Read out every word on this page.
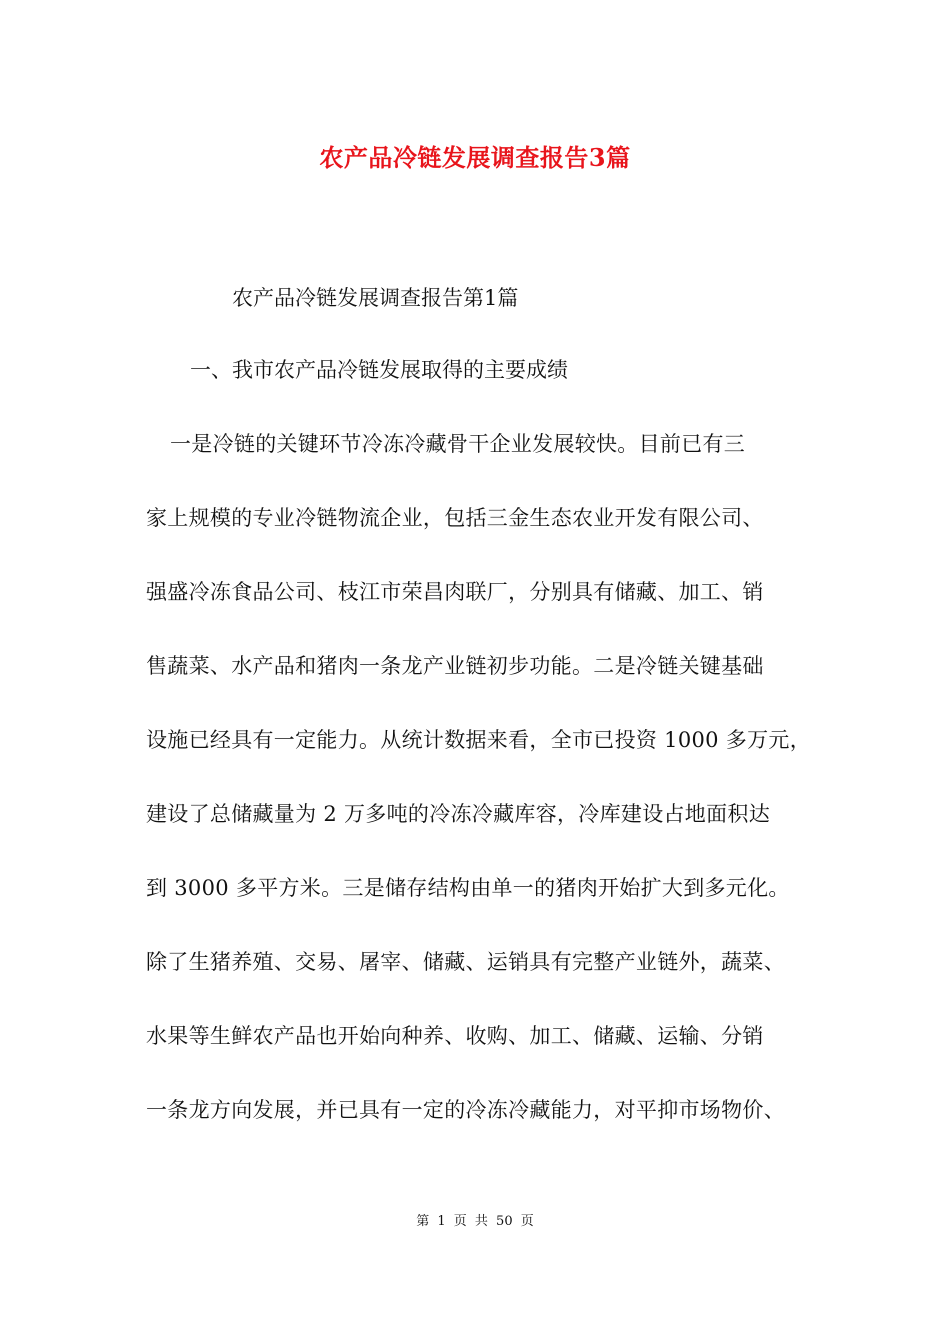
农产品冷链发展调查报告3篇
农产品冷链发展调查报告第1篇
一、我市农产品冷链发展取得的主要成绩
一是冷链的关键环节冷冻冷藏骨干企业发展较快。目前已有三
家上规模的专业冷链物流企业，包括三金生态农业开发有限公司、
强盛冷冻食品公司、枝江市荣昌肉联厂，分别具有储藏、加工、销
售蔬菜、水产品和猪肉一条龙产业链初步功能。二是冷链关键基础
设施已经具有一定能力。从统计数据来看，全市已投资 1000 多万元，
建设了总储藏量为 2 万多吨的冷冻冷藏库容，冷库建设占地面积达
到 3000 多平方米。三是储存结构由单一的猪肉开始扩大到多元化。
除了生猪养殖、交易、屠宰、储藏、运销具有完整产业链外，蔬菜、
水果等生鲜农产品也开始向种养、收购、加工、储藏、运输、分销
一条龙方向发展，并已具有一定的冷冻冷藏能力，对平抑市场物价、
第 1 页 共 50 页
